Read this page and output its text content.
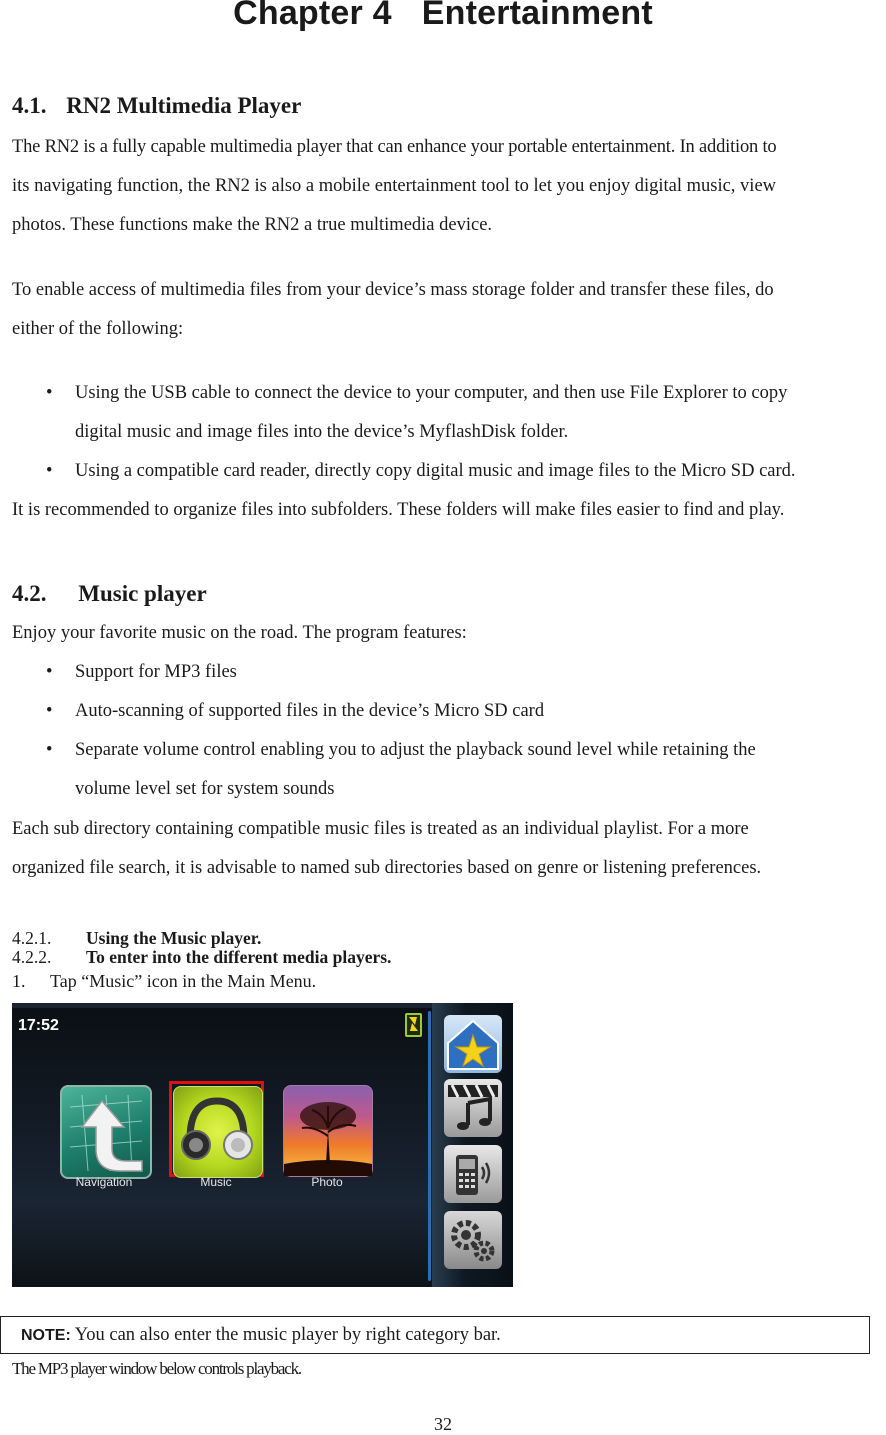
Chapter 4 Entertainment
4.1. RN2 Multimedia Player
The RN2 is a fully capable multimedia player that can enhance your portable entertainment. In addition to
its navigating function, the RN2 is also a mobile entertainment tool to let you enjoy digital music, view
photos. These functions make the RN2 a true multimedia device.
To enable access of multimedia files from your device’s mass storage folder and transfer these files, do
either of the following:
• Using the USB cable to connect the device to your computer, and then use File Explorer to copy
digital music and image files into the device’s MyflashDisk folder.
• Using a compatible card reader, directly copy digital music and image files to the Micro SD card.
It is recommended to organize files into subfolders. These folders will make files easier to find and play.
4.2. Music player
Enjoy your favorite music on the road. The program features:
• Support for MP3 files
• Auto-scanning of supported files in the device’s Micro SD card
• Separate volume control enabling you to adjust the playback sound level while retaining the
volume level set for system sounds
Each sub directory containing compatible music files is treated as an individual playlist. For a more
organized file search, it is advisable to named sub directories based on genre or listening preferences.
4.2.1. Using the Music player.
4.2.2. To enter into the different media players.
1. Tap “Music” icon in the Main Menu.
17:52
Navigation	Music	Photo
NOTE: You can also enter the music player by right category bar.
The MP3 player window below controls playback.
32
